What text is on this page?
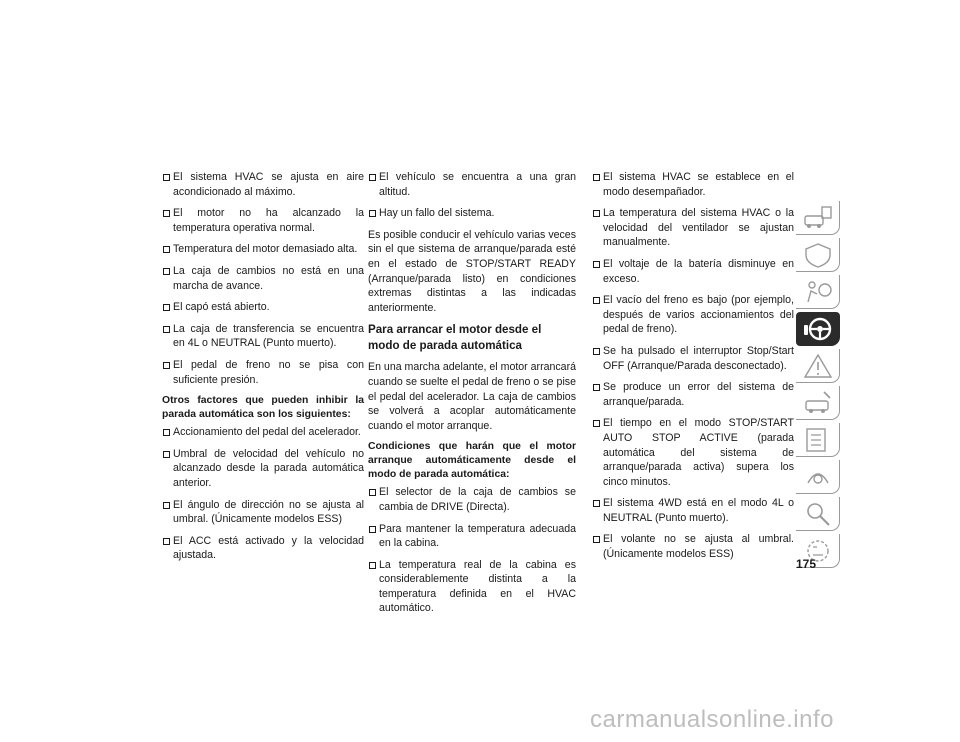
El sistema HVAC se ajusta en aire acondicionado al máximo.
El motor no ha alcanzado la temperatura operativa normal.
Temperatura del motor demasiado alta.
La caja de cambios no está en una marcha de avance.
El capó está abierto.
La caja de transferencia se encuentra en 4L o NEUTRAL (Punto muerto).
El pedal de freno no se pisa con suficiente presión.
Otros factores que pueden inhibir la parada automática son los siguientes:
Accionamiento del pedal del acelerador.
Umbral de velocidad del vehículo no alcanzado desde la parada automática anterior.
El ángulo de dirección no se ajusta al umbral. (Únicamente modelos ESS)
El ACC está activado y la velocidad ajustada.
El vehículo se encuentra a una gran altitud.
Hay un fallo del sistema.
Es posible conducir el vehículo varias veces sin el que sistema de arranque/parada esté en el estado de STOP/START READY (Arranque/parada listo) en condiciones extremas distintas a las indicadas anteriormente.
Para arrancar el motor desde el modo de parada automática
En una marcha adelante, el motor arrancará cuando se suelte el pedal de freno o se pise el pedal del acelerador. La caja de cambios se volverá a acoplar automáticamente cuando el motor arranque.
Condiciones que harán que el motor arranque automáticamente desde el modo de parada automática:
El selector de la caja de cambios se cambia de DRIVE (Directa).
Para mantener la temperatura adecuada en la cabina.
La temperatura real de la cabina es considerablemente distinta a la temperatura definida en el HVAC automático.
El sistema HVAC se establece en el modo desempañador.
La temperatura del sistema HVAC o la velocidad del ventilador se ajustan manualmente.
El voltaje de la batería disminuye en exceso.
El vacío del freno es bajo (por ejemplo, después de varios accionamientos del pedal de freno).
Se ha pulsado el interruptor Stop/Start OFF (Arranque/Parada desconectado).
Se produce un error del sistema de arranque/parada.
El tiempo en el modo STOP/START AUTO STOP ACTIVE (parada automática del sistema de arranque/parada activa) supera los cinco minutos.
El sistema 4WD está en el modo 4L o NEUTRAL (Punto muerto).
El volante no se ajusta al umbral. (Únicamente modelos ESS)
175
carmanualsonline.info
